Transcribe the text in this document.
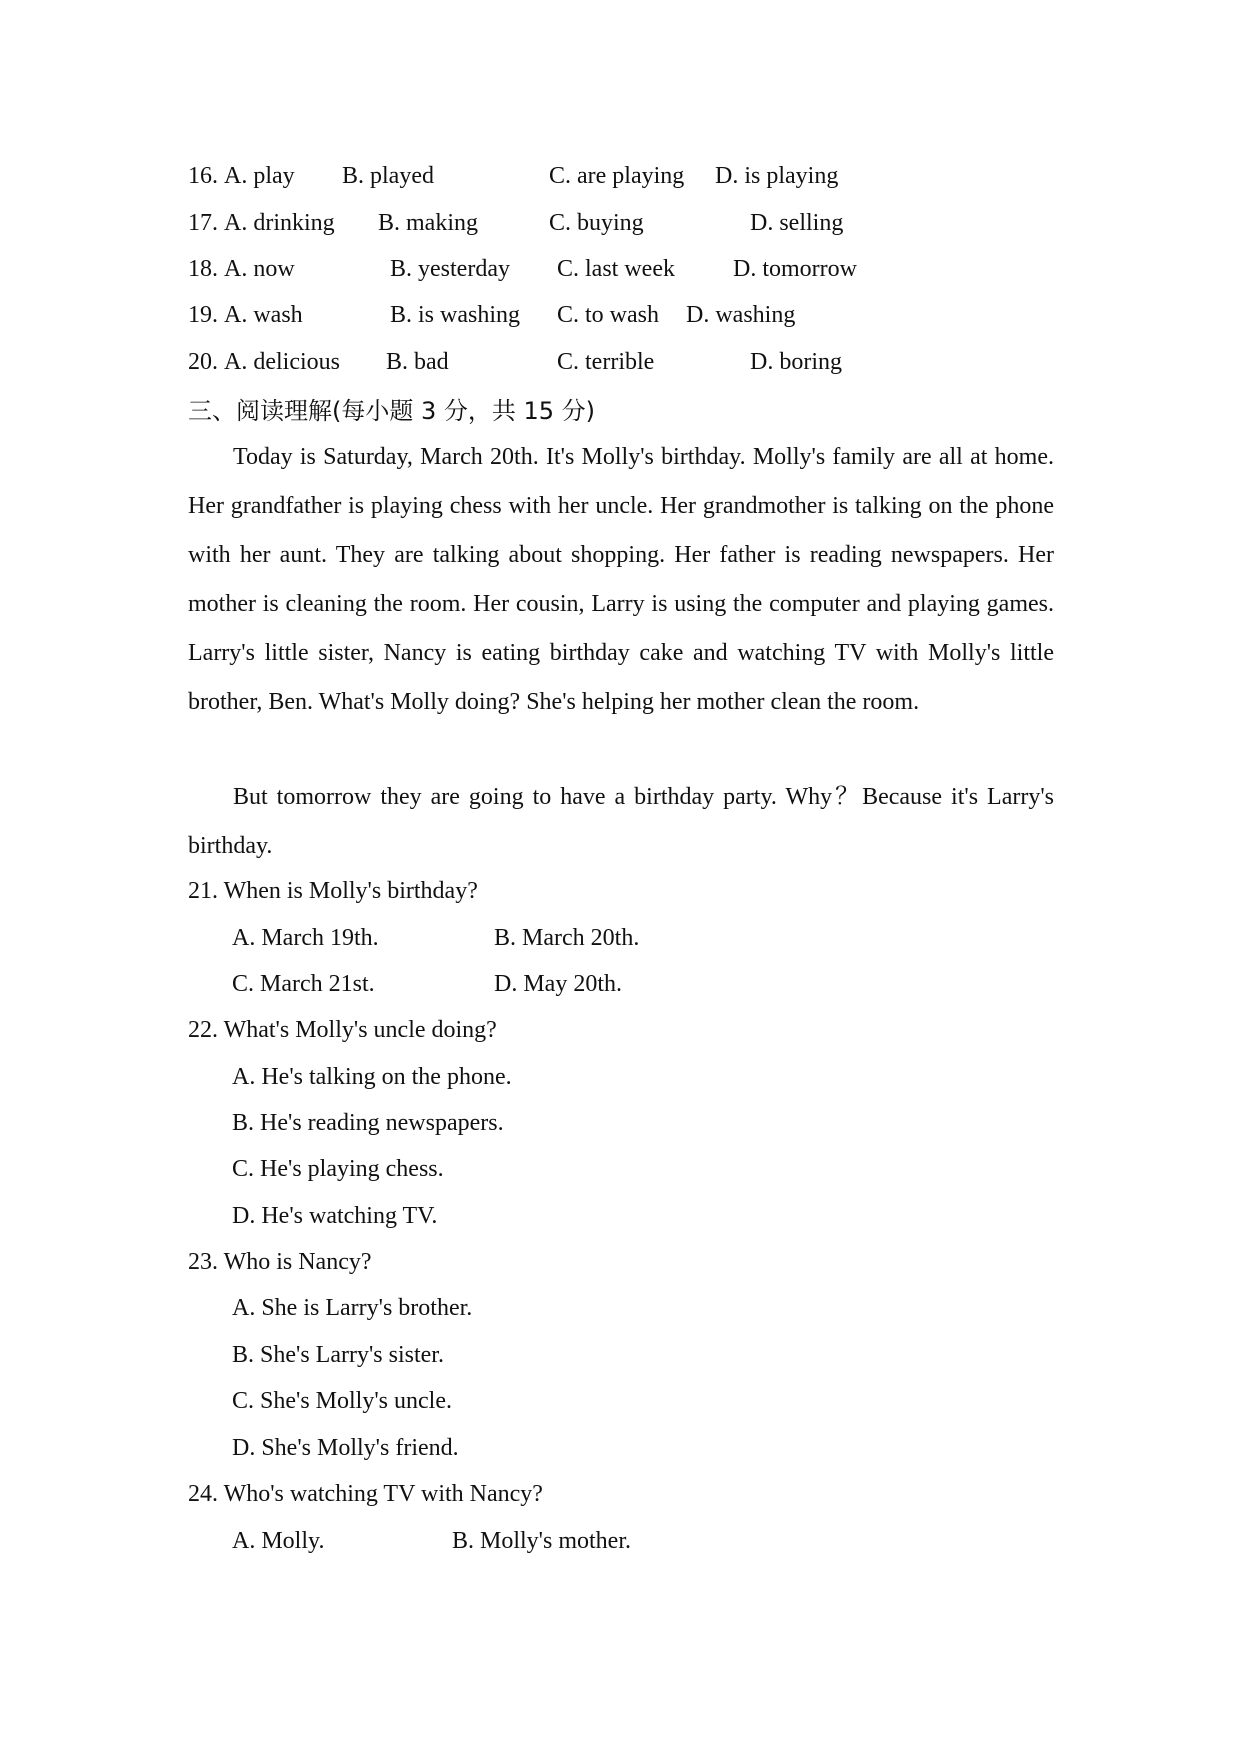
16. A. play B. played	C. are playing D. is playing
17. A. drinking B. making	C. buying	D. selling
18. A. now	B. yesterday C. last week D. tomorrow
19. A. wash	B. is washing C. to wash D. washing
20. A. delicious B. bad	C. terrible	D. boring
三、阅读理解(每小题 3 分，共 15 分)

Today is Saturday, March 20th. It's Molly's birthday. Molly's family are all at home. Her grandfather is playing chess with her uncle. Her grandmother is talking on the phone with her aunt. They are talking about shopping. Her father is reading newspapers. Her mother is cleaning the room. Her cousin, Larry is using the computer and playing games. Larry's little sister, Nancy is eating birthday cake and watching TV with Molly's little brother, Ben. What's Molly doing? She's helping her mother clean the room.

But tomorrow they are going to have a birthday party. Why？Because it's Larry's birthday.

21. When is Molly's birthday?
A. March 19th.	B. March 20th.
C. March 21st.	D. May 20th.
22. What's Molly's uncle doing?
A. He's talking on the phone.
B. He's reading newspapers.
C. He's playing chess.
D. He's watching TV.
23. Who is Nancy?
A. She is Larry's brother.
B. She's Larry's sister.
C. She's Molly's uncle.
D. She's Molly's friend.
24. Who's watching TV with Nancy?
A. Molly.	B. Molly's mother.
